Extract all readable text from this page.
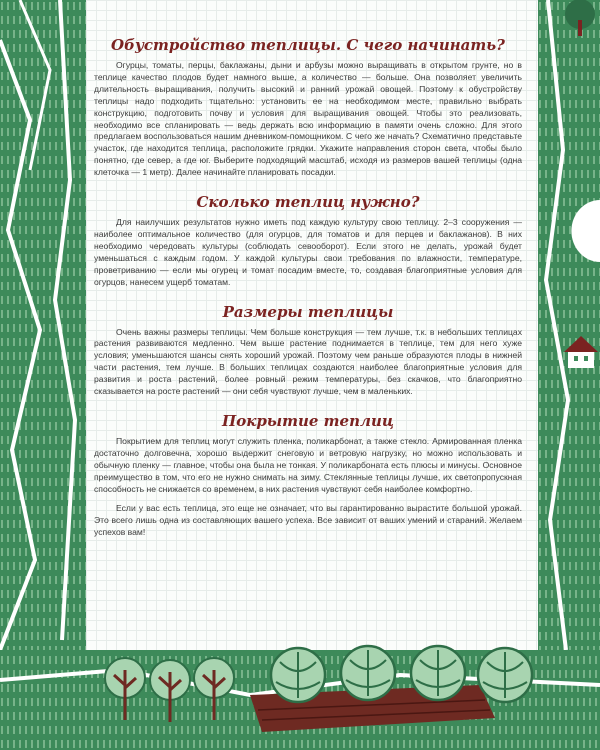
Обустройство теплицы. С чего начинать?

Огурцы, томаты, перцы, баклажаны, дыни и арбузы можно выращивать в открытом грунте, но в теплице качество плодов будет намного выше, а количество — больше. Она позволяет увеличить длительность выращивания, получить высокий и ранний урожай овощей. Поэтому к обустройству теплицы надо подходить тщательно: установить ее на необходимом месте, правильно выбрать конструкцию, подготовить почву и условия для выращивания овощей. Чтобы это реализовать, необходимо все спланировать — ведь держать всю информацию в памяти очень сложно. Для этого предлагаем воспользоваться нашим дневником-помощником. С чего же начать? Схематично представьте участок, где находится теплица, расположите грядки. Укажите направления сторон света, чтобы было понятно, где север, а где юг. Выберите подходящий масштаб, исходя из размеров вашей теплицы (одна клеточка — 1 метр). Далее начинайте планировать посадки.

Сколько теплиц нужно?

Для наилучших результатов нужно иметь под каждую культуру свою теплицу. 2–3 сооружения — наиболее оптимальное количество (для огурцов, для томатов и для перцев и баклажанов). В них необходимо чередовать культуры (соблюдать севооборот). Если этого не делать, урожай будет уменьшаться с каждым годом. У каждой культуры свои требования по влажности, температуре, проветриванию — если мы огурец и томат посадим вместе, то, создавая благоприятные условия для огурцов, нанесем ущерб томатам.

Размеры теплицы

Очень важны размеры теплицы. Чем больше конструкция — тем лучше, т.к. в небольших теплицах растения развиваются медленно. Чем выше растение поднимается в теплице, тем для него хуже условия; уменьшаются шансы снять хороший урожай. Поэтому чем раньше образуются плоды в нижней части растения, тем лучше. В больших теплицах создаются наиболее благоприятные условия для развития и роста растений, более ровный режим температуры, без скачков, что благоприятно сказывается на росте растений — они себя чувствуют лучше, чем в маленьких.

Покрытие теплиц

Покрытием для теплиц могут служить пленка, поликарбонат, а также стекло. Армированная пленка достаточно долговечна, хорошо выдержит снеговую и ветровую нагрузку, но можно использовать и обычную пленку — главное, чтобы она была не тонкая. У поликарбоната есть плюсы и минусы. Основное преимущество в том, что его не нужно снимать на зиму. Стеклянные теплицы лучше, их светопропускная способность не снижается со временем, в них растения чувствуют себя наиболее комфортно.

Если у вас есть теплица, это еще не означает, что вы гарантированно вырастите большой урожай. Это всего лишь одна из составляющих вашего успеха. Все зависит от ваших умений и стараний. Желаем успехов вам!
